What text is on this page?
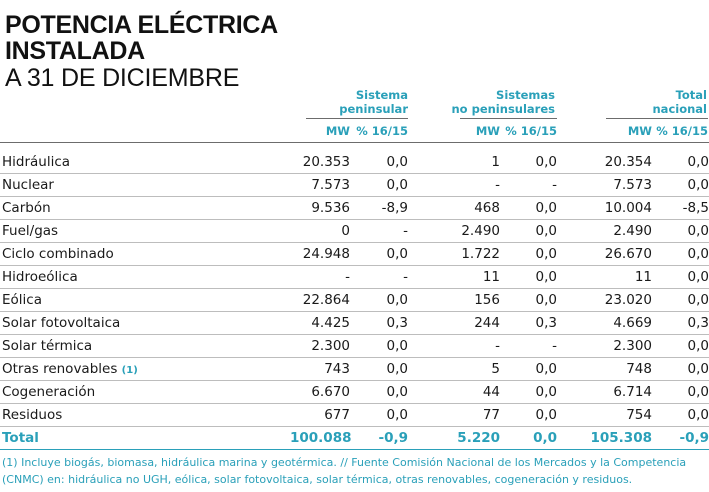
POTENCIA ELÉCTRICA
INSTALADA
A 31 DE DICIEMBRE
Sistema
peninsular
Sistemas
no peninsulares
Total
nacional
MW % 16/15	MW % 16/15	MW % 16/15
Hidráulica	20.353	0,0	1	0,0	20.354	0,0
Nuclear	7.573	0,0	-	-	7.573	0,0
Carbón	9.536	-8,9	468	0,0	10.004	-8,5
Fuel/gas	0	-	2.490	0,0	2.490	0,0
Ciclo combinado	24.948	0,0	1.722	0,0	26.670	0,0
Hidroeólica	-	-	11	0,0	11	0,0
Eólica	22.864	0,0	156	0,0	23.020	0,0
Solar fotovoltaica	4.425	0,3	244	0,3	4.669	0,3
Solar térmica	2.300	0,0	-	-	2.300	0,0
Otras renovables (1)	743	0,0	5	0,0	748	0,0
Cogeneración	6.670	0,0	44	0,0	6.714	0,0
Residuos	677	0,0	77	0,0	754	0,0
Total	100.088	-0,9	5.220	0,0	105.308	-0,9
(1) Incluye biogás, biomasa, hidráulica marina y geotérmica. // Fuente Comisión Nacional de los Mercados y la Competencia (CNMC) en: hidráulica no UGH, eólica, solar fotovoltaica, solar térmica, otras renovables, cogeneración y residuos.
